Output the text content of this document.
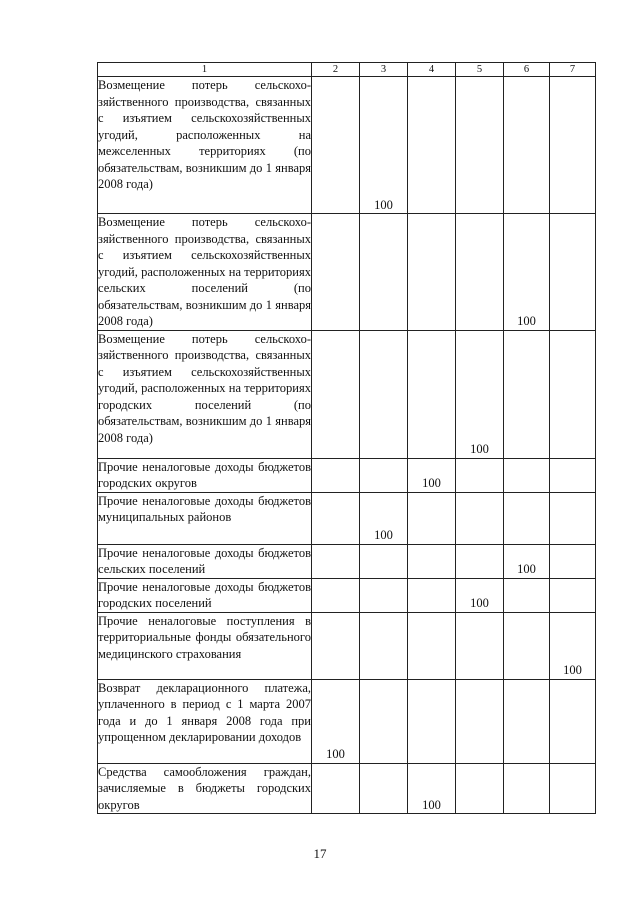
1	2	3	4	5	6	7
Возмещение потерь сельскохозяйственного производства, связанных с изъятием сельскохозяйственных угодий, расположенных на межселенных территориях (по обязательствам, возникшим до 1 января 2008 года)		100				
Возмещение потерь сельскохозяйственного производства, связанных с изъятием сельскохозяйственных угодий, расположенных на территориях сельских поселений (по обязательствам, возникшим до 1 января 2008 года)					100	
Возмещение потерь сельскохозяйственного производства, связанных с изъятием сельскохозяйственных угодий, расположенных на территориях городских поселений (по обязательствам, возникшим до 1 января 2008 года)				100		
Прочие неналоговые доходы бюджетов городских округов			100			
Прочие неналоговые доходы бюджетов муниципальных районов		100				
Прочие неналоговые доходы бюджетов сельских поселений					100	
Прочие неналоговые доходы бюджетов городских поселений				100		
Прочие неналоговые поступления в территориальные фонды обязательного медицинского страхования						100
Возврат декларационного платежа, уплаченного в период с 1 марта 2007 года и до 1 января 2008 года при упрощенном декларировании доходов	100					
Средства самообложения граждан, зачисляемые в бюджеты городских округов			100			
17
